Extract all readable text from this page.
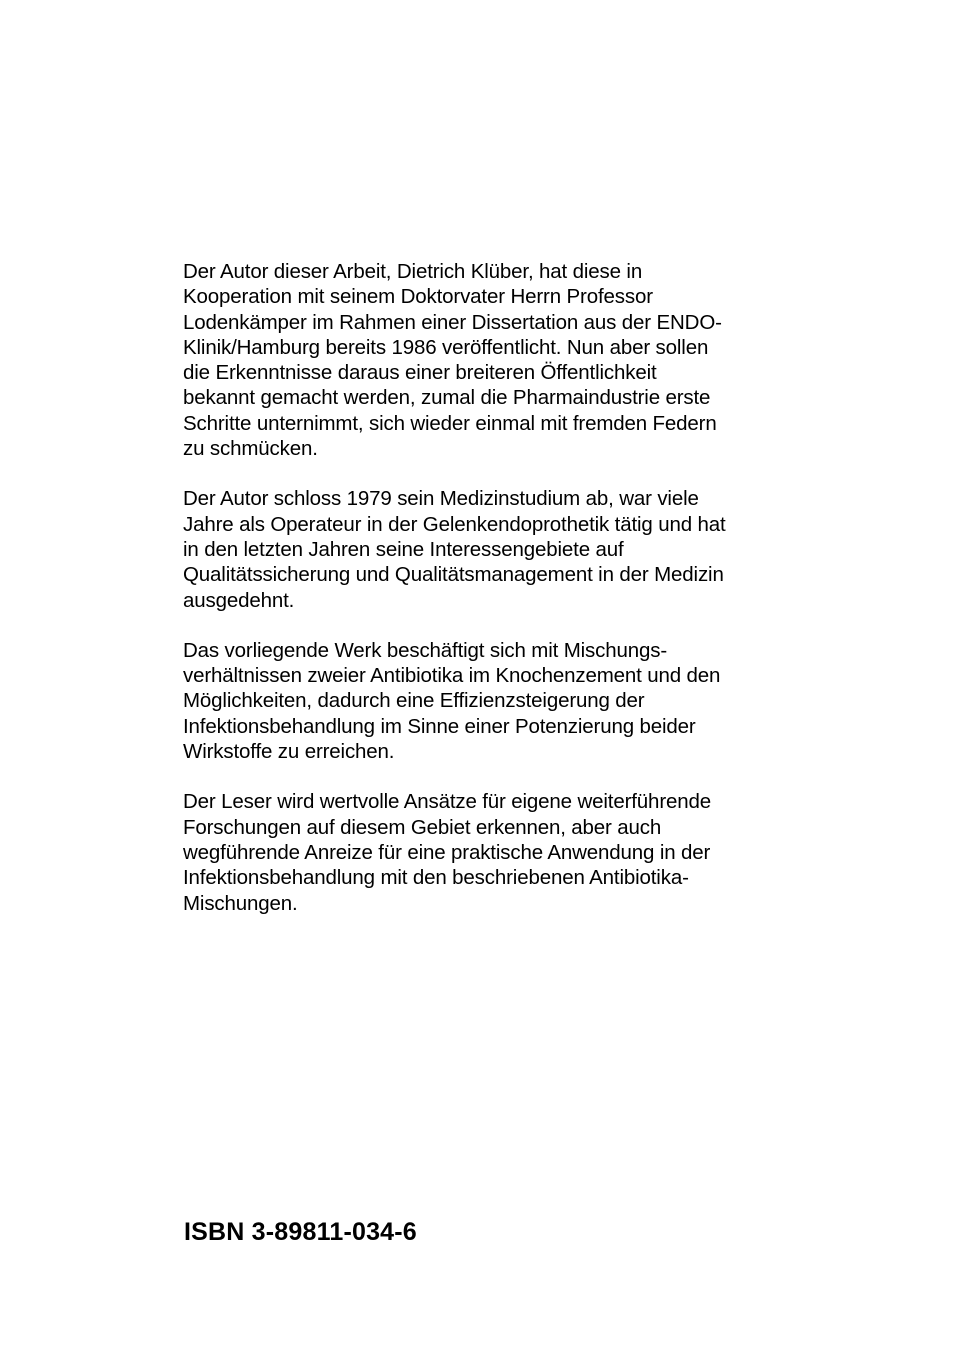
Der Autor dieser Arbeit, Dietrich Klüber, hat diese in
Kooperation mit seinem Doktorvater Herrn Professor
Lodenkämper im Rahmen einer Dissertation aus der ENDO-
Klinik/Hamburg bereits 1986 veröffentlicht. Nun aber sollen
die Erkenntnisse daraus einer breiteren Öffentlichkeit
bekannt gemacht werden, zumal die Pharmaindustrie erste
Schritte unternimmt, sich wieder einmal mit fremden Federn
zu schmücken.

Der Autor schloss 1979 sein Medizinstudium ab, war viele
Jahre als Operateur in der Gelenkendoprothetik tätig und hat
in den letzten Jahren seine Interessengebiete auf
Qualitätssicherung und Qualitätsmanagement in der Medizin
ausgedehnt.

Das vorliegende Werk beschäftigt sich mit Mischungs-
verhältnissen zweier Antibiotika im Knochenzement und den
Möglichkeiten, dadurch eine Effizienzsteigerung der
Infektionsbehandlung im Sinne einer Potenzierung beider
Wirkstoffe zu erreichen.

Der Leser wird wertvolle Ansätze für eigene weiterführende
Forschungen auf diesem Gebiet erkennen, aber auch
wegführende Anreize für eine praktische Anwendung in der
Infektionsbehandlung mit den beschriebenen Antibiotika-
Mischungen.

ISBN 3-89811-034-6
